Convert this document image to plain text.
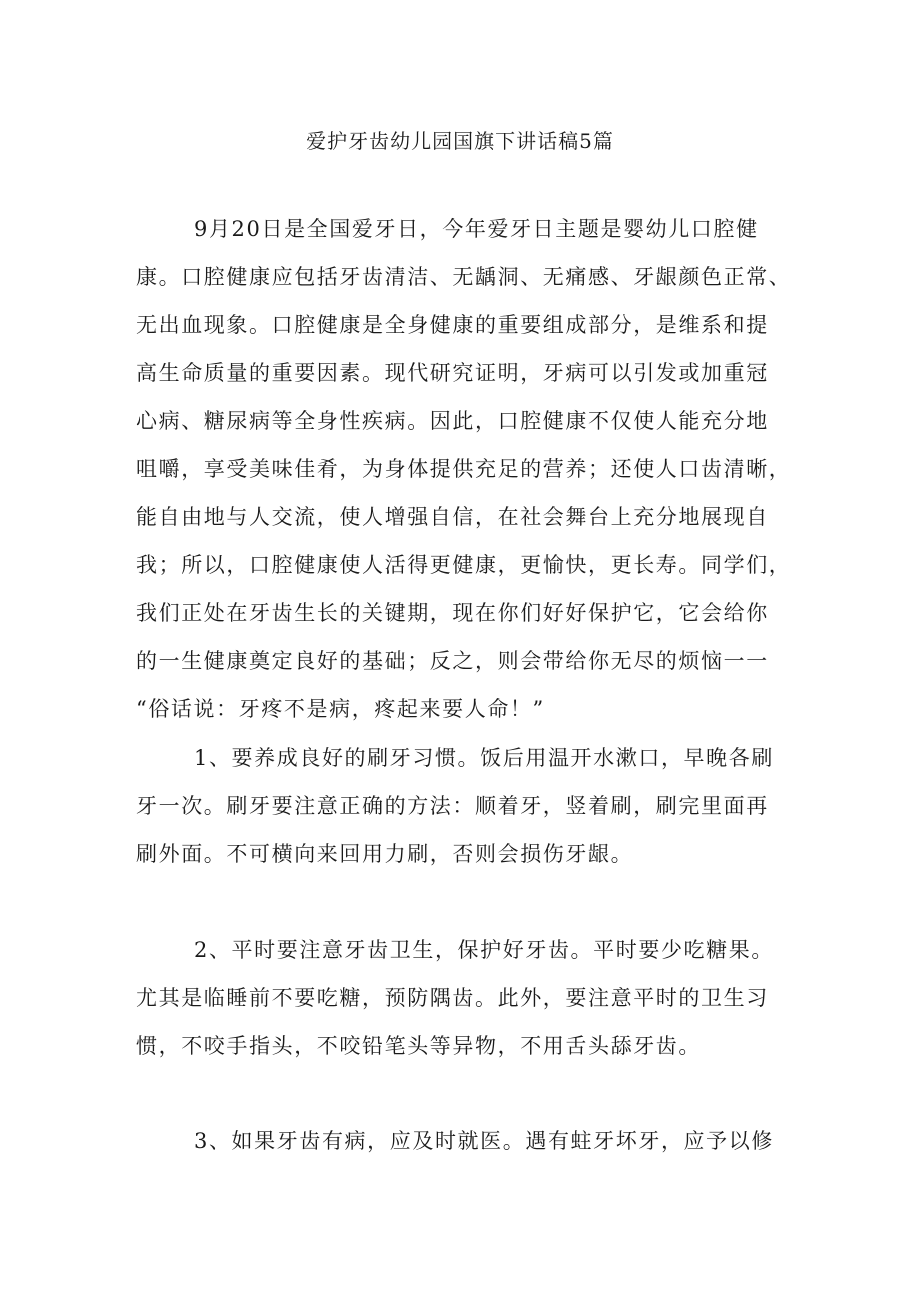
爱护牙齿幼儿园国旗下讲话稿5篇
9月20日是全国爱牙日，今年爱牙日主题是婴幼儿口腔健
康。口腔健康应包括牙齿清洁、无龋洞、无痛感、牙龈颜色正常、
无出血现象。口腔健康是全身健康的重要组成部分，是维系和提
高生命质量的重要因素。现代研究证明，牙病可以引发或加重冠
心病、糖尿病等全身性疾病。因此，口腔健康不仅使人能充分地
咀嚼，享受美味佳肴，为身体提供充足的营养；还使人口齿清晰，
能自由地与人交流，使人增强自信，在社会舞台上充分地展现自
我；所以，口腔健康使人活得更健康，更愉快，更长寿。同学们，
我们正处在牙齿生长的关键期，现在你们好好保护它，它会给你
的一生健康奠定良好的基础；反之，则会带给你无尽的烦恼一一
“俗话说：牙疼不是病，疼起来要人命！”
1、要养成良好的刷牙习惯。饭后用温开水漱口，早晚各刷
牙一次。刷牙要注意正确的方法：顺着牙，竖着刷，刷完里面再
刷外面。不可横向来回用力刷，否则会损伤牙龈。
2、平时要注意牙齿卫生，保护好牙齿。平时要少吃糖果。
尤其是临睡前不要吃糖，预防隅齿。此外，要注意平时的卫生习
惯，不咬手指头，不咬铅笔头等异物，不用舌头舔牙齿。
3、如果牙齿有病，应及时就医。遇有蛀牙坏牙，应予以修
